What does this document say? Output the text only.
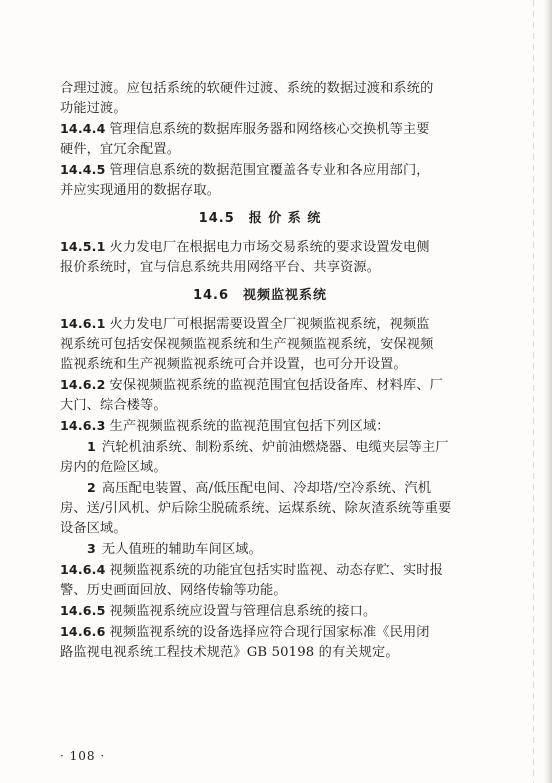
合理过渡。应包括系统的软硬件过渡、系统的数据过渡和系统的
功能过渡。
14.4.4 管理信息系统的数据库服务器和网络核心交换机等主要
硬件，宜冗余配置。
14.4.5 管理信息系统的数据范围宜覆盖各专业和各应用部门，
并应实现通用的数据存取。
14.5 报 价 系 统
14.5.1 火力发电厂在根据电力市场交易系统的要求设置发电侧
报价系统时，宜与信息系统共用网络平台、共享资源。
14.6 视频监视系统
14.6.1 火力发电厂可根据需要设置全厂视频监视系统，视频监
视系统可包括安保视频监视系统和生产视频监视系统，安保视频
监视系统和生产视频监视系统可合并设置，也可分开设置。
14.6.2 安保视频监视系统的监视范围宜包括设备库、材料库、厂
大门、综合楼等。
14.6.3 生产视频监视系统的监视范围宜包括下列区域：
1 汽轮机油系统、制粉系统、炉前油燃烧器、电缆夹层等主厂
房内的危险区域。
2 高压配电装置、高/低压配电间、冷却塔/空冷系统、汽机
房、送/引风机、炉后除尘脱硫系统、运煤系统、除灰渣系统等重要
设备区域。
3 无人值班的辅助车间区域。
14.6.4 视频监视系统的功能宜包括实时监视、动态存贮、实时报
警、历史画面回放、网络传输等功能。
14.6.5 视频监视系统应设置与管理信息系统的接口。
14.6.6 视频监视系统的设备选择应符合现行国家标准《民用闭
路监视电视系统工程技术规范》GB 50198 的有关规定。
· 108 ·
